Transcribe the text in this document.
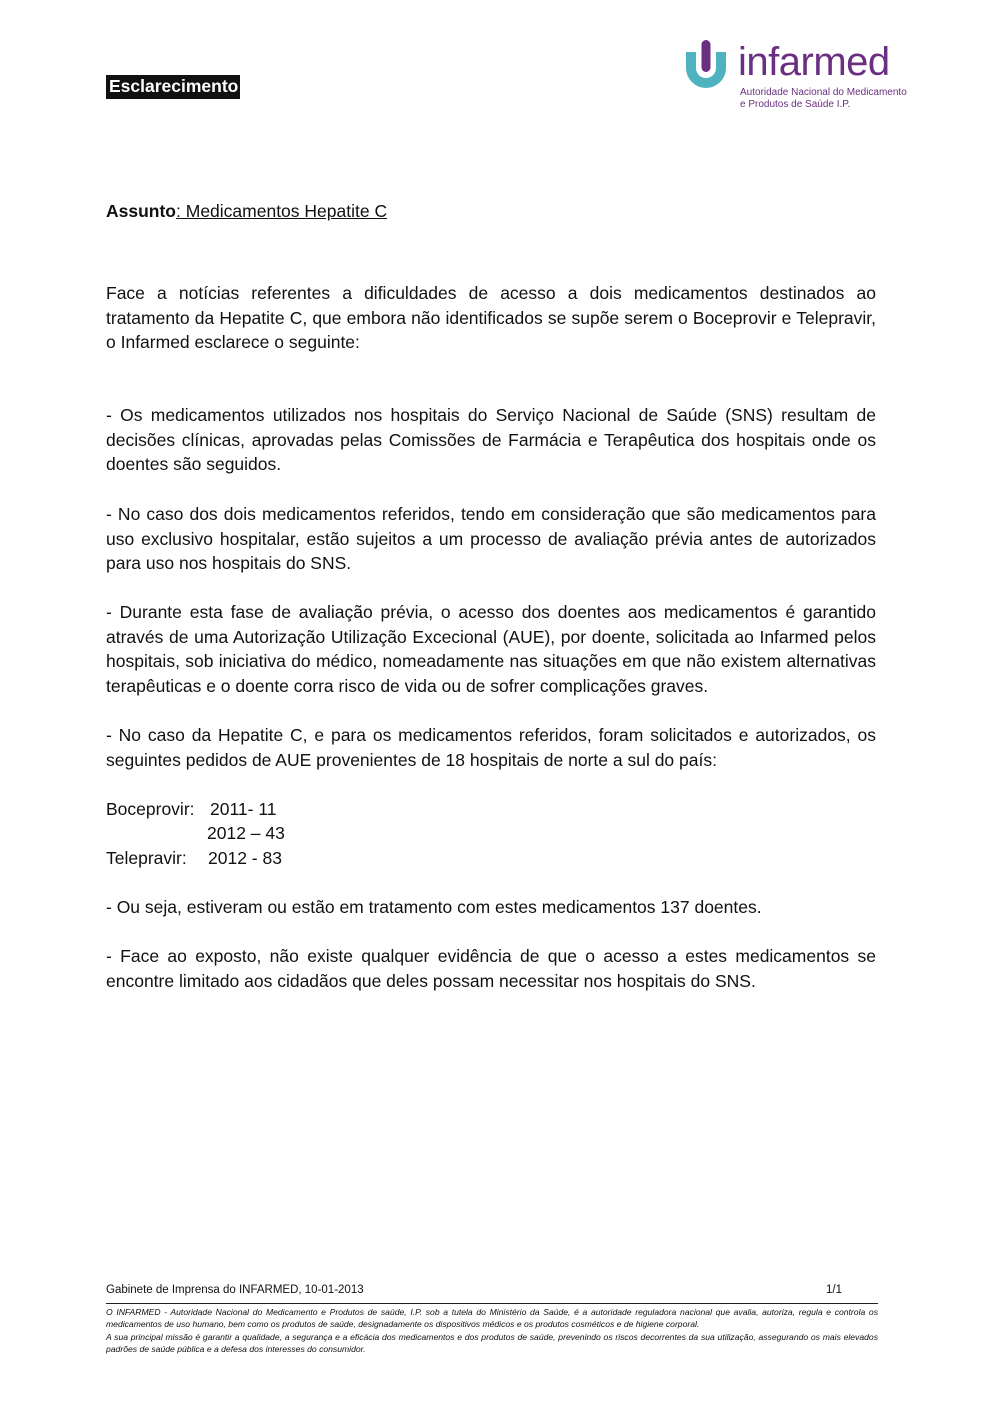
Esclarecimento
infarmed
Autoridade Nacional do Medicamento
e Produtos de Saúde I.P.
Assunto: Medicamentos Hepatite C

Face a notícias referentes a dificuldades de acesso a dois medicamentos destinados ao tratamento da Hepatite C, que embora não identificados se supõe serem o Boceprovir e Telepravir, o Infarmed esclarece o seguinte:

- Os medicamentos utilizados nos hospitais do Serviço Nacional de Saúde (SNS) resultam de decisões clínicas, aprovadas pelas Comissões de Farmácia e Terapêutica dos hospitais onde os doentes são seguidos.

- No caso dos dois medicamentos referidos, tendo em consideração que são medicamentos para uso exclusivo hospitalar, estão sujeitos a um processo de avaliação prévia antes de autorizados para uso nos hospitais do SNS.

- Durante esta fase de avaliação prévia, o acesso dos doentes aos medicamentos é garantido através de uma Autorização Utilização Excecional (AUE), por doente, solicitada ao Infarmed pelos hospitais, sob iniciativa do médico, nomeadamente nas situações em que não existem alternativas terapêuticas e o doente corra risco de vida ou de sofrer complicações graves.

- No caso da Hepatite C, e para os medicamentos referidos, foram solicitados e autorizados, os seguintes pedidos de AUE provenientes de 18 hospitais de norte a sul do país:

Boceprovir: 2011- 11
2012 – 43
Telepravir: 2012 - 83

- Ou seja, estiveram ou estão em tratamento com estes medicamentos 137 doentes.

- Face ao exposto, não existe qualquer evidência de que o acesso a estes medicamentos se encontre limitado aos cidadãos que deles possam necessitar nos hospitais do SNS.

Gabinete de Imprensa do INFARMED, 10-01-2013	1/1

O INFARMED - Autoridade Nacional do Medicamento e Produtos de saúde, I.P. sob a tutela do Ministério da Saúde, é a autoridade reguladora nacional que avalia, autoriza, regula e controla os medicamentos de uso humano, bem como os produtos de saúde, designadamente os dispositivos médicos e os produtos cosméticos e de higiene corporal.

A sua principal missão é garantir a qualidade, a segurança e a eficácia dos medicamentos e dos produtos de saúde, prevenindo os riscos decorrentes da sua utilização, assegurando os mais elevados padrões de saúde pública e a defesa dos interesses do consumidor.
